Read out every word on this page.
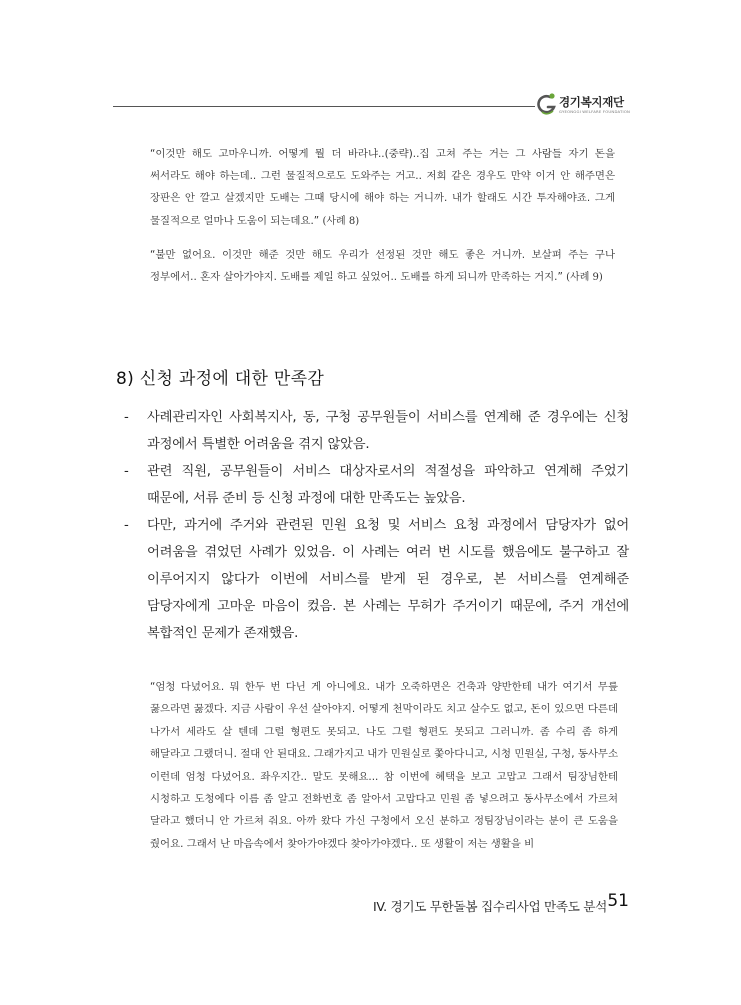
경기복지재단
GYEONGGI WELFARE FOUNDATION
“이것만 해도 고마우니까. 어떻게 뭘 더 바라냐..(중략)..집 고쳐 주는 거는 그 사람들 자기 돈을 써서라도 해야 하는데.. 그런 물질적으로도 도와주는 거고.. 저희 같은 경우도 만약 이거 안 해주면은 장판은 안 깔고 살겠지만 도배는 그때 당시에 해야 하는 거니까. 내가 할래도 시간 투자해야죠. 그게 물질적으로 얼마나 도움이 되는데요.” (사례 8)
“불만 없어요. 이것만 해준 것만 해도 우리가 선정된 것만 해도 좋은 거니까. 보살펴 주는 구나 정부에서.. 혼자 살아가야지. 도배를 제일 하고 싶었어.. 도배를 하게 되니까 만족하는 거지.” (사례 9)
8) 신청 과정에 대한 만족감
- 사례관리자인 사회복지사, 동, 구청 공무원들이 서비스를 연계해 준 경우에는 신청 과정에서 특별한 어려움을 겪지 않았음.
- 관련 직원, 공무원들이 서비스 대상자로서의 적절성을 파악하고 연계해 주었기 때문에, 서류 준비 등 신청 과정에 대한 만족도는 높았음.
- 다만, 과거에 주거와 관련된 민원 요청 및 서비스 요청 과정에서 담당자가 없어 어려움을 겪었던 사례가 있었음. 이 사례는 여러 번 시도를 했음에도 불구하고 잘 이루어지지 않다가 이번에 서비스를 받게 된 경우로, 본 서비스를 연계해준 담당자에게 고마운 마음이 컸음. 본 사례는 무허가 주거이기 때문에, 주거 개선에 복합적인 문제가 존재했음.
“엄청 다녔어요. 뭐 한두 번 다닌 게 아니에요. 내가 오죽하면은 건축과 양반한테 내가 여기서 무릎 꿇으라면 꿇겠다. 지금 사람이 우선 살아야지. 어떻게 천막이라도 치고 살수도 없고, 돈이 있으면 다른데 나가서 세라도 살 텐데 그럴 형편도 못되고. 나도 그럴 형편도 못되고 그러니까. 좀 수리 좀 하게 해달라고 그랬더니. 절대 안 된대요. 그래가지고 내가 민원실로 쫓아다니고, 시청 민원실, 구청, 동사무소 이런데 엄청 다녔어요. 좌우지간.. 말도 못해요... 참 이번에 혜택을 보고 고맙고 그래서 팀장님한테 시청하고 도청에다 이름 좀 알고 전화번호 좀 알아서 고맙다고 민원 좀 넣으려고 동사무소에서 가르쳐 달라고 했더니 안 가르쳐 줘요. 아까 왔다 가신 구청에서 오신 분하고 정팀장님이라는 분이 큰 도움을 줬어요. 그래서 난 마음속에서 찾아가야겠다 찾아가야겠다.. 또 생활이 저는 생활을 비
IV. 경기도 무한돌봄 집수리사업 만족도 분석 51
